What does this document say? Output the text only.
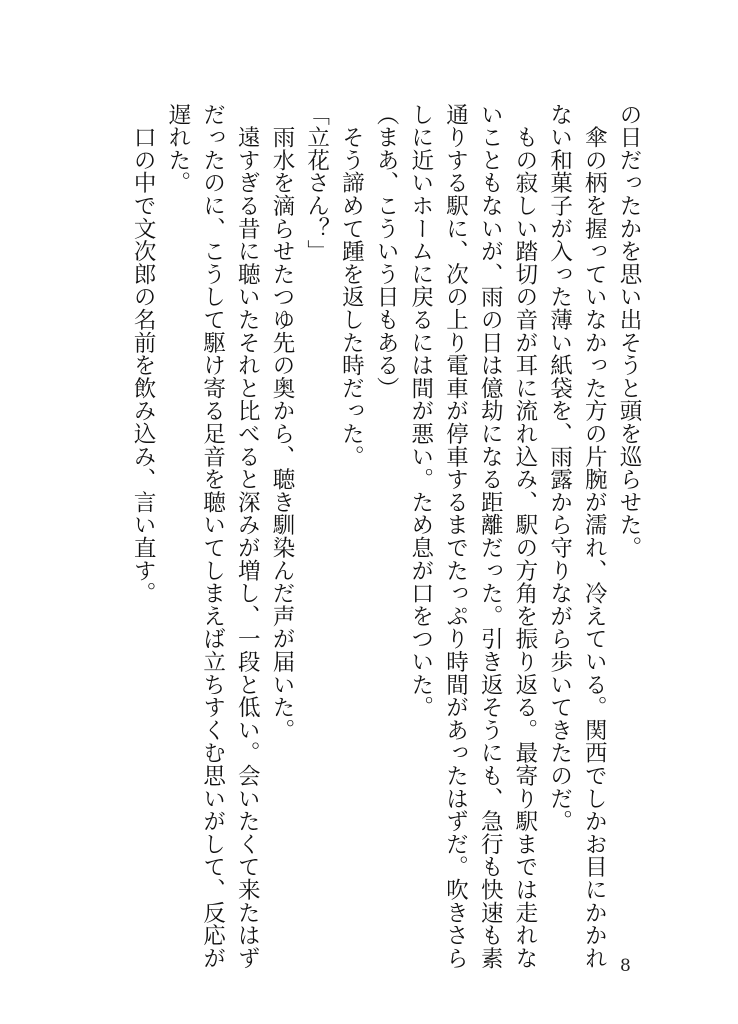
の日だったかを思い出そうと頭を巡らせた。
　傘の柄を握っていなかった方の片腕が濡れ、冷えている。関西でしかお目にかかれ
ない和菓子が入った薄い紙袋を、雨露から守りながら歩いてきたのだ。
　もの寂しい踏切の音が耳に流れ込み、駅の方角を振り返る。最寄り駅までは走れな
いこともないが、雨の日は億劫になる距離だった。引き返そうにも、急行も快速も素
通りする駅に、次の上り電車が停車するまでたっぷり時間があったはずだ。吹きさら
しに近いホームに戻るには間が悪い。ため息が口をついた。
（まあ、こういう日もある）
　そう諦めて踵を返した時だった。
「立花さん？」
　雨水を滴らせたつゆ先の奥から、聴き馴染んだ声が届いた。
　遠すぎる昔に聴いたそれと比べると深みが増し、一段と低い。会いたくて来たはず
だったのに、こうして駆け寄る足音を聴いてしまえば立ちすくむ思いがして、反応が
遅れた。
　口の中で文次郎の名前を飲み込み、言い直す。
8
